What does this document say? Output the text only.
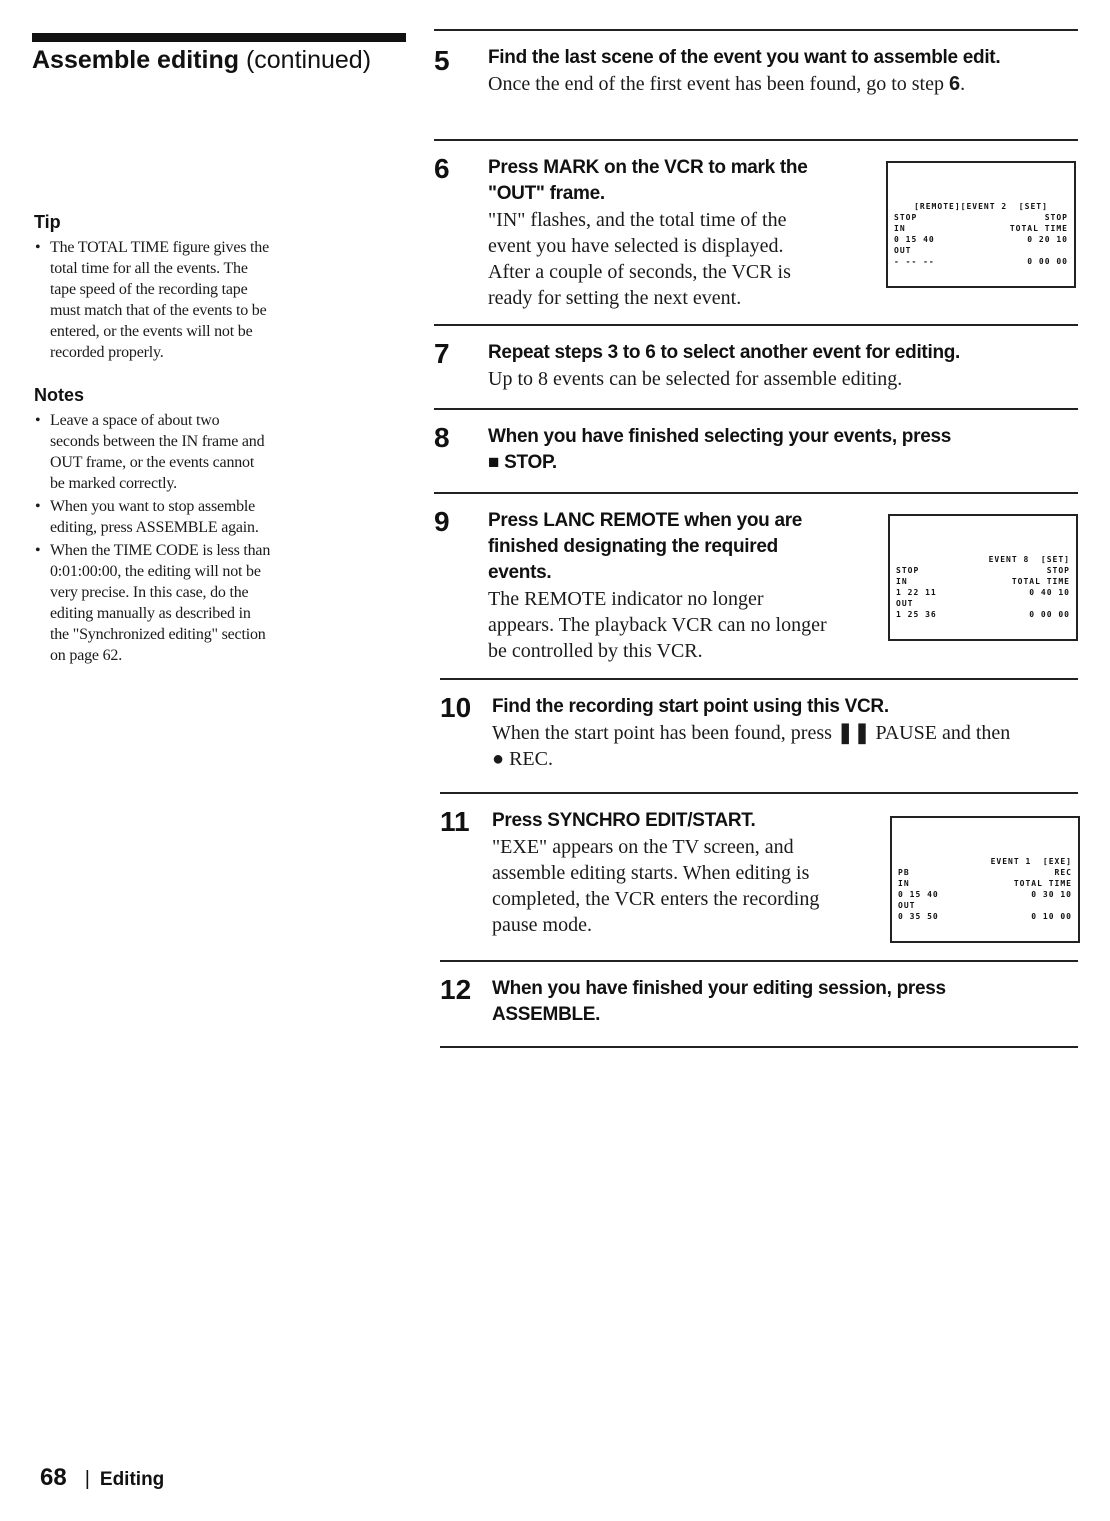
Assemble editing (continued)
Tip
• The TOTAL TIME figure gives the total time for all the events. The tape speed of the recording tape must match that of the events to be entered, or the events will not be recorded properly.
Notes
• Leave a space of about two seconds between the IN frame and OUT frame, or the events cannot be marked correctly.
• When you want to stop assemble editing, press ASSEMBLE again.
• When the TIME CODE is less than 0:01:00:00, the editing will not be very precise. In this case, do the editing manually as described in the "Synchronized editing" section on page 62.
5 Find the last scene of the event you want to assemble edit.

Once the end of the first event has been found, go to step 6.

6 Press MARK on the VCR to mark the "OUT" frame.

"IN" flashes, and the total time of the event you have selected is displayed. After a couple of seconds, the VCR is ready for setting the next event.

[REMOTE][EVENT 2  [SET]
STOP	STOP
IN	TOTAL TIME
0 15 40	0 20 10
OUT
- -- --	0 00 00
7 Repeat steps 3 to 6 to select another event for editing.

Up to 8 events can be selected for assemble editing.

8 When you have finished selecting your events, press
■ STOP.

9 Press LANC REMOTE when you are finished designating the required events.

The REMOTE indicator no longer appears. The playback VCR can no longer be controlled by this VCR.

EVENT 8  [SET]
STOP	STOP
IN	TOTAL TIME
1 22 11	0 40 10
OUT
1 25 36	0 00 00
10 Find the recording start point using this VCR.

When the start point has been found, press ❚❚ PAUSE and then
● REC.

11 Press SYNCHRO EDIT/START.

"EXE" appears on the TV screen, and assemble editing starts. When editing is completed, the VCR enters the recording pause mode.

EVENT 1  [EXE]
PB	REC
IN	TOTAL TIME
0 15 40	0 30 10
OUT
0 35 50	0 10 00
12 When you have finished your editing session, press ASSEMBLE.

68 | Editing
